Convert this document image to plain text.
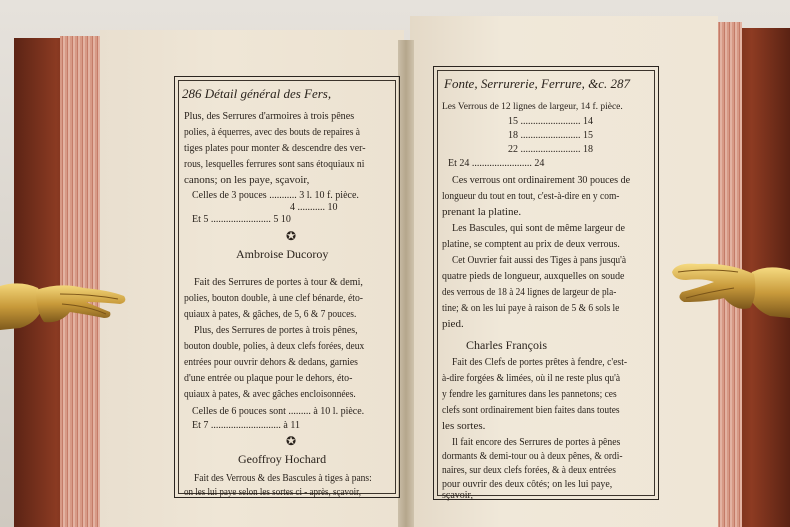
286 Détail général des Fers,
Plus, des Serrures d'armoires à trois pênes
polies, à équerres, avec des bouts de repaires à
tiges plates pour monter & descendre des ver-
rous, lesquelles ferrures sont sans étoquiaux ni
canons; on les paye, sçavoir,
Celles de 3 pouces ........... 3 l. 10 f. pièce.
4 ........... 10
Et 5 ........................ 5 10
✪
Ambroise Ducoroy
Fait des Serrures de portes à tour & demi,
polies, bouton double, à une clef bénarde, éto-
quiaux à pates, & gâches, de 5, 6 & 7 pouces.
Plus, des Serrures de portes à trois pênes,
bouton double, polies, à deux clefs forées, deux
entrées pour ouvrir dehors & dedans, garnies
d'une entrée ou plaque pour le dehors, éto-
quiaux à pates, & avec gâches encloisonnées.
Celles de 6 pouces sont ......... à 10 l. pièce.
Et 7 ............................ à 11
✪
Geoffroy Hochard
Fait des Verrous & des Bascules à tiges à pans:
on les lui paye selon les sortes ci - après, sçavoir,
Fonte, Serrurerie, Ferrure, &c. 287
Les Verrous de 12 lignes de largeur, 14 f. pièce.
15 ........................ 14
18 ........................ 15
22 ........................ 18
Et 24 ........................ 24
Ces verrous ont ordinairement 30 pouces de
longueur du tout en tout, c'est-à-dire en y com-
prenant la platine.
Les Bascules, qui sont de même largeur de
platine, se comptent au prix de deux verrous.
Cet Ouvrier fait aussi des Tiges à pans jusqu'à
quatre pieds de longueur, auxquelles on soude
des verrous de 18 à 24 lignes de largeur de pla-
tine; & on les lui paye à raison de 5 & 6 sols le
pied.
Charles François
Fait des Clefs de portes prêtes à fendre, c'est-
à-dire forgées & limées, où il ne reste plus qu'à
y fendre les garnitures dans les pannetons; ces
clefs sont ordinairement bien faites dans toutes
les sortes.
Il fait encore des Serrures de portes à pênes
dormants & demi-tour ou à deux pênes, & ordi-
naires, sur deux clefs forées, & à deux entrées
pour ouvrir des deux côtés; on les lui paye,
sçavoir,
